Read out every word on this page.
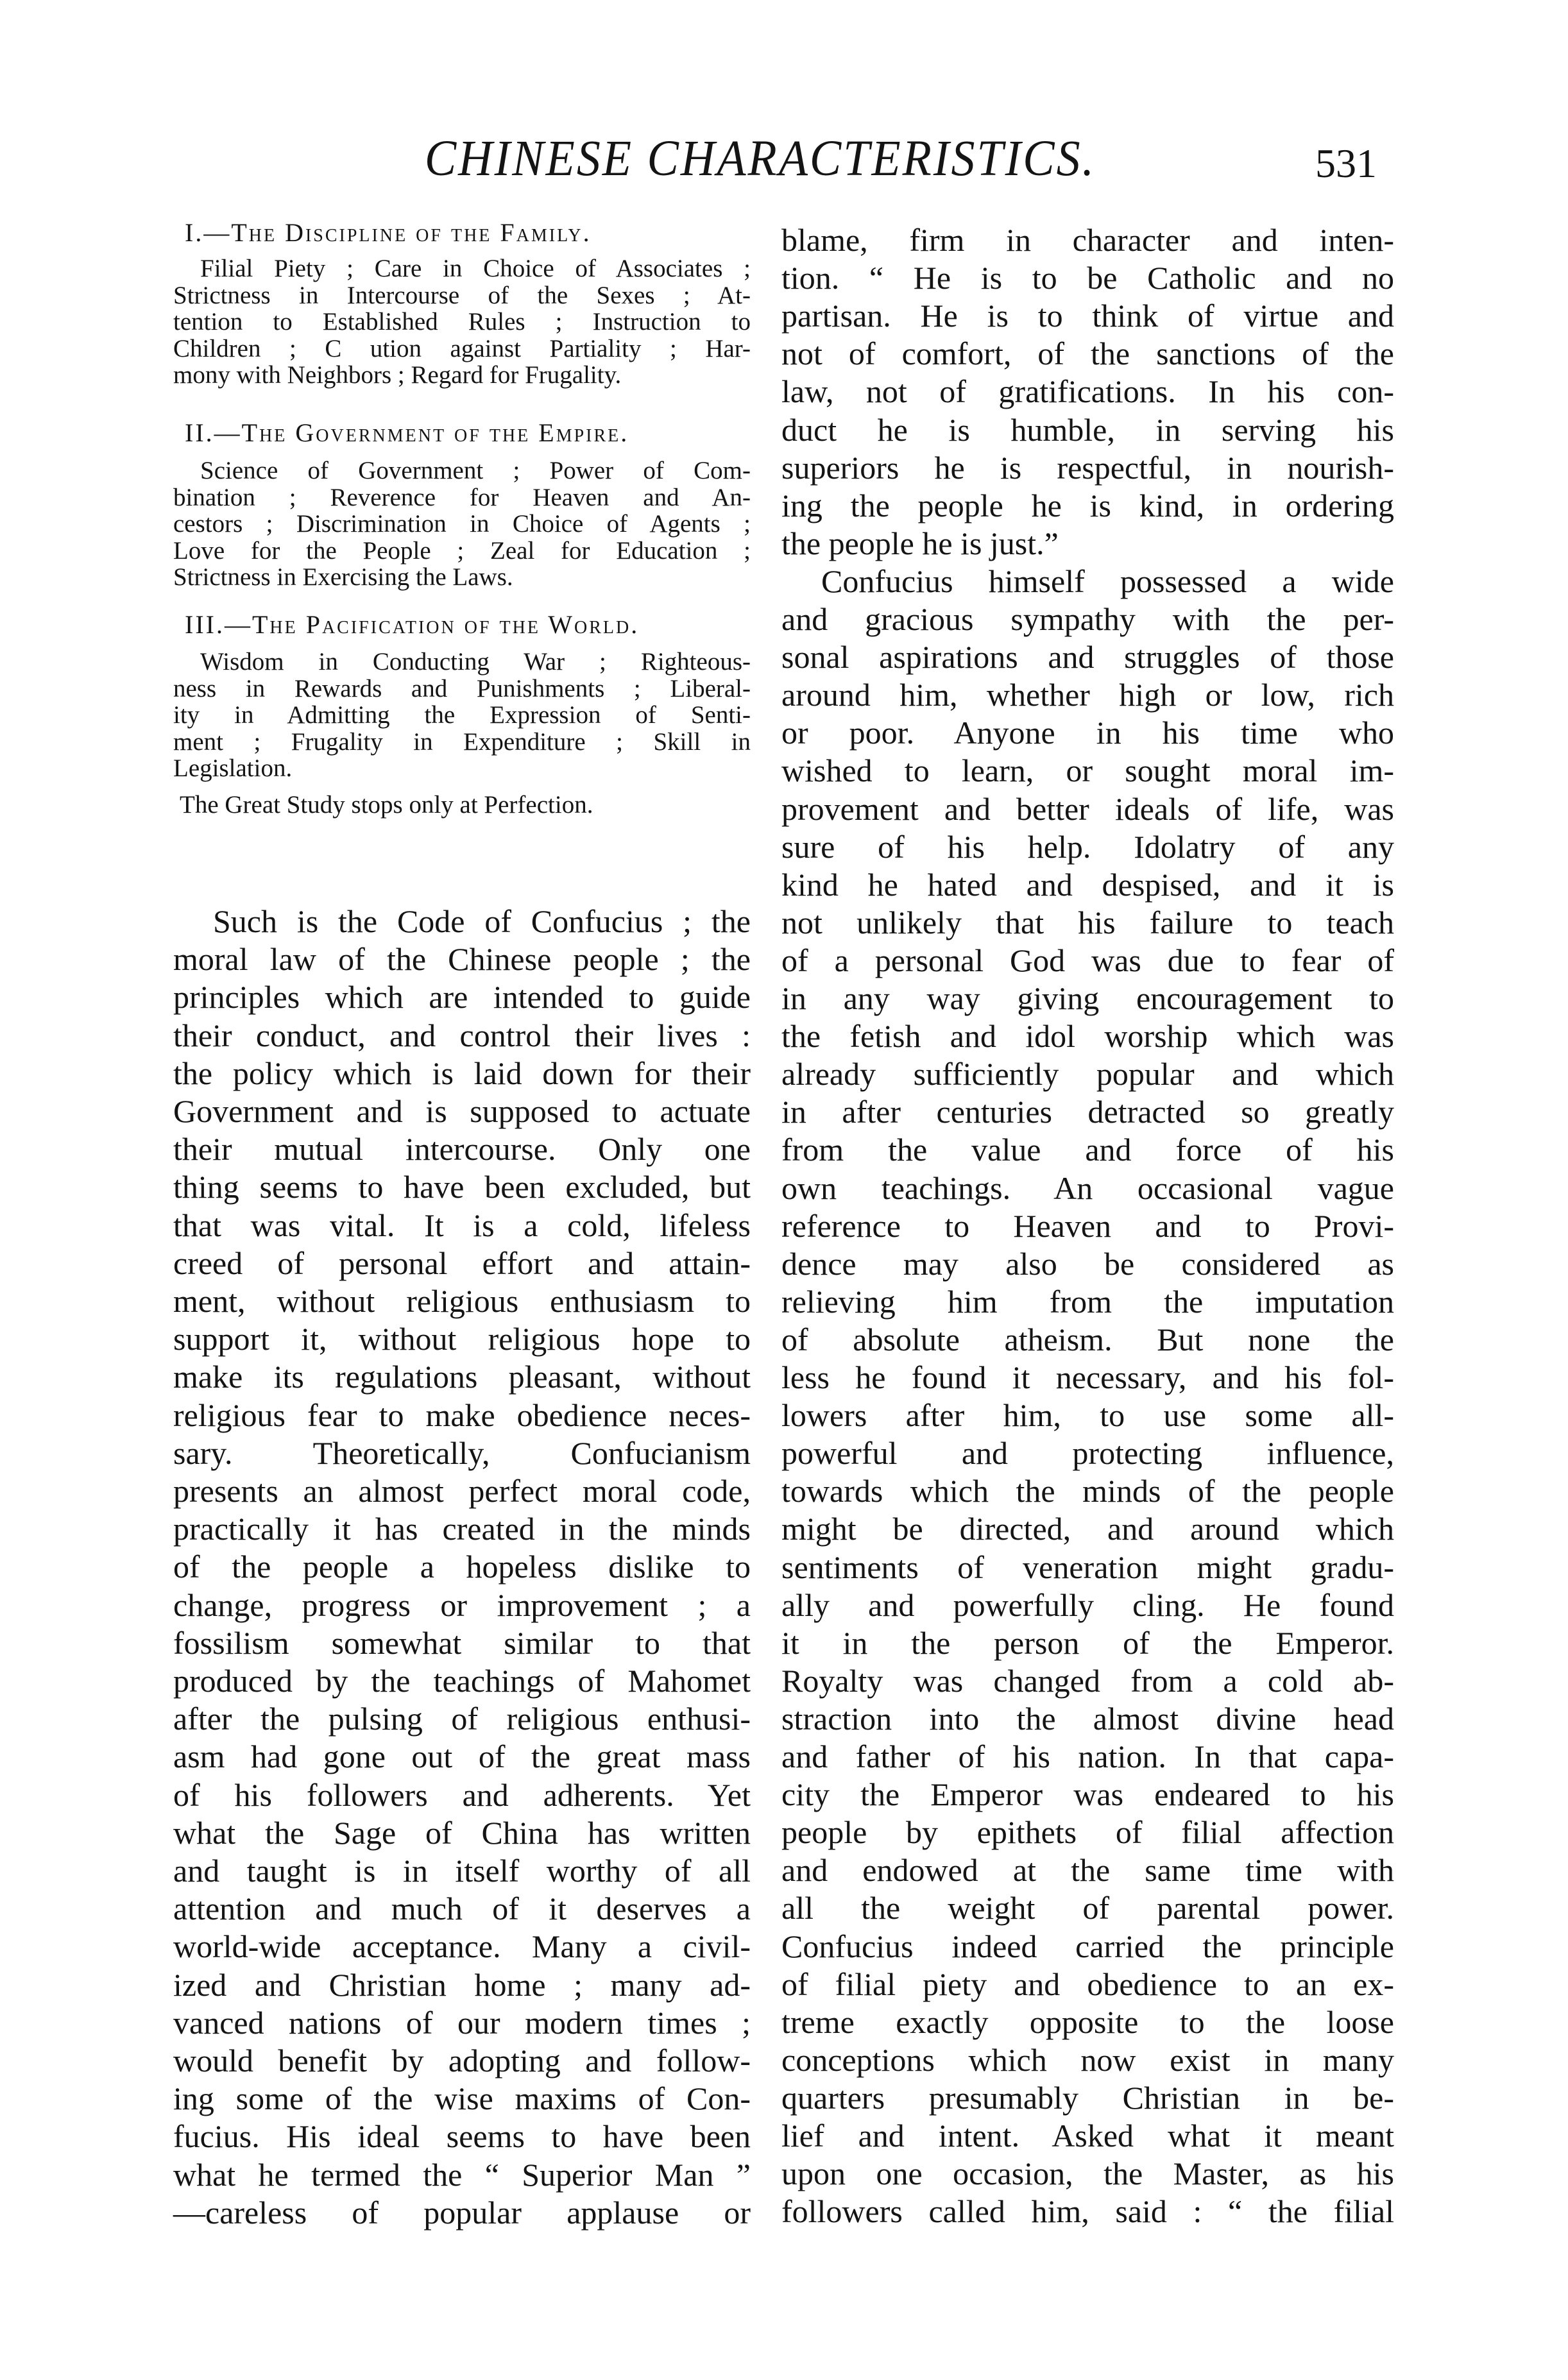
CHINESE CHARACTERISTICS.	531
I.—The Discipline of the Family.
Filial Piety ; Care in Choice of Associates ;
Strictness in Intercourse of the Sexes ; At-
tention to Established Rules ; Instruction to
Children ; C ution against Partiality ; Har-
mony with Neighbors ; Regard for Frugality.
II.—The Government of the Empire.
Science of Government ; Power of Com-
bination ; Reverence for Heaven and An-
cestors ; Discrimination in Choice of Agents ;
Love for the People ; Zeal for Education ;
Strictness in Exercising the Laws.
III.—The Pacification of the World.
Wisdom in Conducting War ; Righteous-
ness in Rewards and Punishments ; Liberal-
ity in Admitting the Expression of Senti-
ment ; Frugality in Expenditure ; Skill in
Legislation.
The Great Study stops only at Perfection.
Such is the Code of Confucius ; the
moral law of the Chinese people ; the
principles which are intended to guide
their conduct, and control their lives :
the policy which is laid down for their
Government and is supposed to actuate
their mutual intercourse. Only one
thing seems to have been excluded, but
that was vital. It is a cold, lifeless
creed of personal effort and attain-
ment, without religious enthusiasm to
support it, without religious hope to
make its regulations pleasant, without
religious fear to make obedience neces-
sary. Theoretically, Confucianism
presents an almost perfect moral code,
practically it has created in the minds
of the people a hopeless dislike to
change, progress or improvement ; a
fossilism somewhat similar to that
produced by the teachings of Mahomet
after the pulsing of religious enthusi-
asm had gone out of the great mass
of his followers and adherents. Yet
what the Sage of China has written
and taught is in itself worthy of all
attention and much of it deserves a
world-wide acceptance. Many a civil-
ized and Christian home ; many ad-
vanced nations of our modern times ;
would benefit by adopting and follow-
ing some of the wise maxims of Con-
fucius. His ideal seems to have been
what he termed the “ Superior Man ”
—careless of popular applause or
blame, firm in character and inten-
tion. “ He is to be Catholic and no
partisan. He is to think of virtue and
not of comfort, of the sanctions of the
law, not of gratifications. In his con-
duct he is humble, in serving his
superiors he is respectful, in nourish-
ing the people he is kind, in ordering
the people he is just.”
Confucius himself possessed a wide
and gracious sympathy with the per-
sonal aspirations and struggles of those
around him, whether high or low, rich
or poor. Anyone in his time who
wished to learn, or sought moral im-
provement and better ideals of life, was
sure of his help. Idolatry of any
kind he hated and despised, and it is
not unlikely that his failure to teach
of a personal God was due to fear of
in any way giving encouragement to
the fetish and idol worship which was
already sufficiently popular and which
in after centuries detracted so greatly
from the value and force of his
own teachings. An occasional vague
reference to Heaven and to Provi-
dence may also be considered as
relieving him from the imputation
of absolute atheism. But none the
less he found it necessary, and his fol-
lowers after him, to use some all-
powerful and protecting influence,
towards which the minds of the people
might be directed, and around which
sentiments of veneration might gradu-
ally and powerfully cling. He found
it in the person of the Emperor.
Royalty was changed from a cold ab-
straction into the almost divine head
and father of his nation. In that capa-
city the Emperor was endeared to his
people by epithets of filial affection
and endowed at the same time with
all the weight of parental power.
Confucius indeed carried the principle
of filial piety and obedience to an ex-
treme exactly opposite to the loose
conceptions which now exist in many
quarters presumably Christian in be-
lief and intent. Asked what it meant
upon one occasion, the Master, as his
followers called him, said : “ the filial
